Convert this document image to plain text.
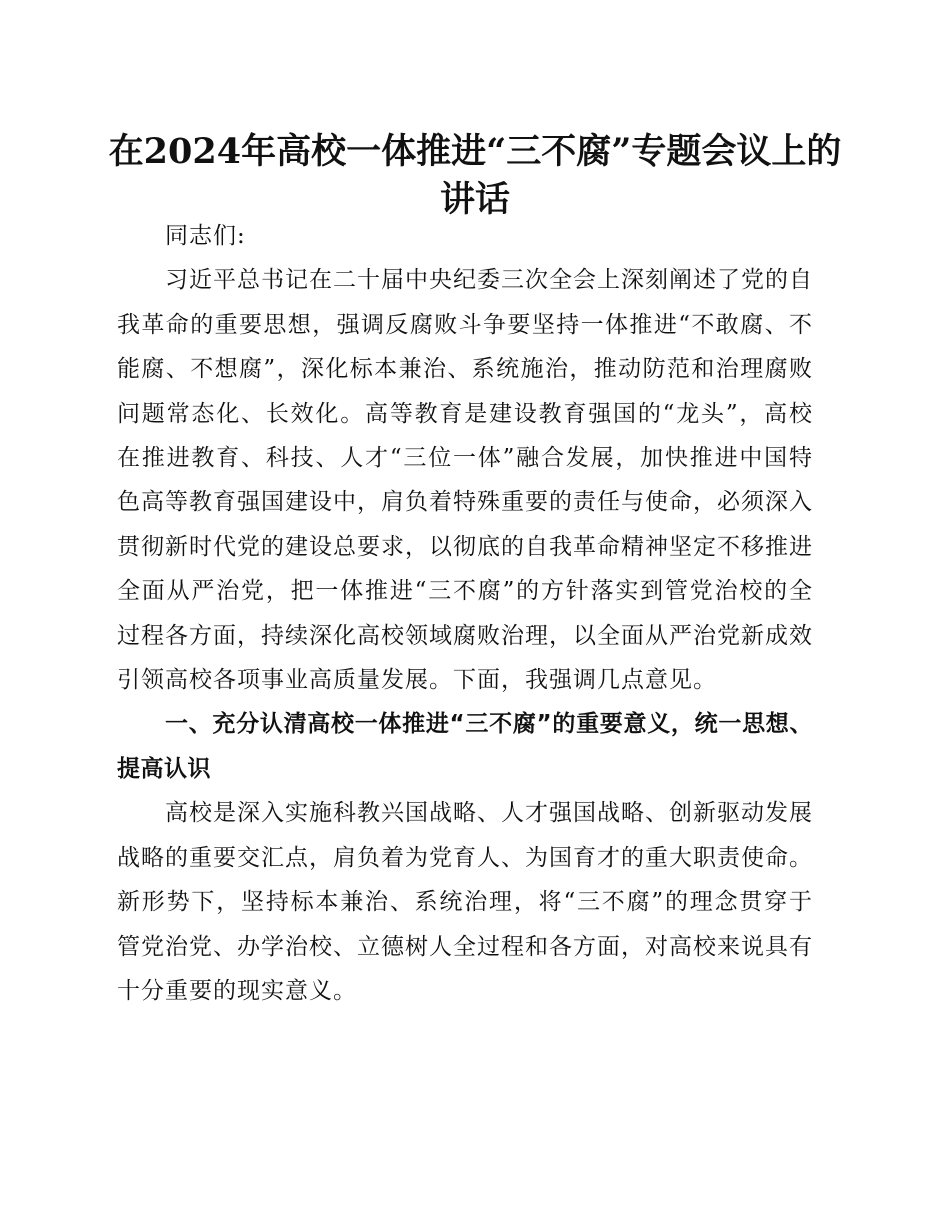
在2024年高校一体推进“三不腐”专题会议上的讲话

同志们:

习近平总书记在二十届中央纪委三次全会上深刻阐述了党的自我革命的重要思想，强调反腐败斗争要坚持一体推进“不敢腐、不能腐、不想腐”，深化标本兼治、系统施治，推动防范和治理腐败问题常态化、长效化。高等教育是建设教育强国的“龙头”，高校在推进教育、科技、人才“三位一体”融合发展，加快推进中国特色高等教育强国建设中，肩负着特殊重要的责任与使命，必须深入贯彻新时代党的建设总要求，以彻底的自我革命精神坚定不移推进全面从严治党，把一体推进“三不腐”的方针落实到管党治校的全过程各方面，持续深化高校领域腐败治理，以全面从严治党新成效引领高校各项事业高质量发展。下面，我强调几点意见。

一、充分认清高校一体推进“三不腐”的重要意义，统一思想、提高认识

高校是深入实施科教兴国战略、人才强国战略、创新驱动发展战略的重要交汇点，肩负着为党育人、为国育才的重大职责使命。新形势下，坚持标本兼治、系统治理，将“三不腐”的理念贯穿于管党治党、办学治校、立德树人全过程和各方面，对高校来说具有十分重要的现实意义。
